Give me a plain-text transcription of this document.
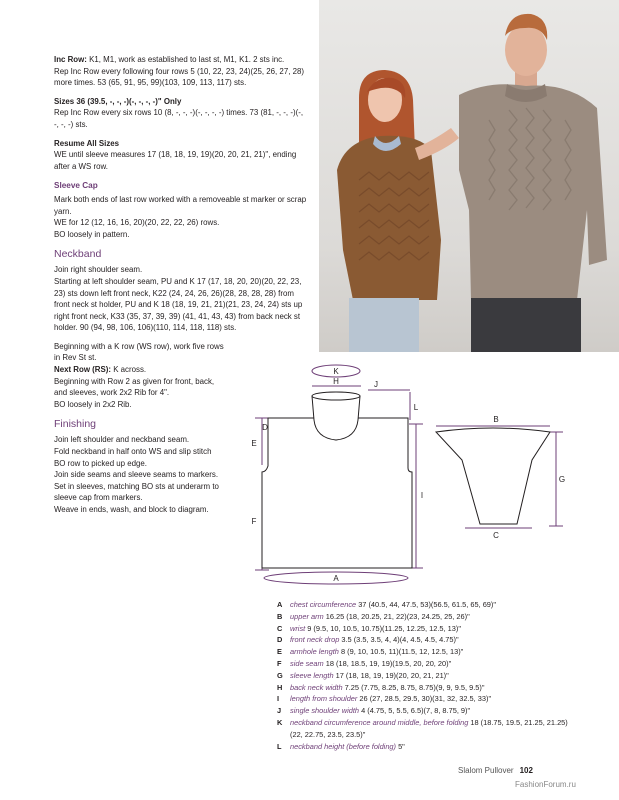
Inc Row: K1, M1, work as established to last st, M1, K1. 2 sts inc.
Rep Inc Row every following four rows 5 (10, 22, 23, 24)(25, 26, 27, 28) more times. 53 (65, 91, 95, 99)(103, 109, 113, 117) sts.

Sizes 36 (39.5, -, -, -)(-, -, -, -)" Only
Rep Inc Row every six rows 10 (8, -, -, -)(-, -, -, -) times. 73 (81, -, -, -)(-, -, -, -) sts.

Resume All Sizes
WE until sleeve measures 17 (18, 18, 19, 19)(20, 20, 21, 21)", ending after a WS row.

Sleeve Cap
Mark both ends of last row worked with a removeable st marker or scrap yarn.
WE for 12 (12, 16, 16, 20)(20, 22, 22, 26) rows.
BO loosely in pattern.
Neckband
Join right shoulder seam.

Starting at left shoulder seam, PU and K 17 (17, 18, 20, 20)(20, 22, 23, 23) sts down left front neck, K22 (24, 24, 26, 26)(28, 28, 28, 28) from front neck st holder, PU and K 18 (18, 19, 21, 21)(21, 23, 24, 24) sts up right front neck, K33 (35, 37, 39, 39) (41, 41, 43, 43) from back neck st holder. 90 (94, 98, 106, 106)(110, 114, 118, 118) sts.

Beginning with a K row (WS row), work five rows in Rev St st.
Next Row (RS): K across.
Beginning with Row 2 as given for front, back, and sleeves, work 2x2 Rib for 4".
BO loosely in 2x2 Rib.
Finishing
Join left shoulder and neckband seam.
Fold neckband in half onto WS and slip stitch BO row to picked up edge.
Join side seams and sleeve seams to markers.
Set in sleeves, matching BO sts at underarm to sleeve cap from markers.
Weave in ends, wash, and block to diagram.
K
H	J
L
D
E
F
I
A
B
C
G
A	chest circumference 37 (40.5, 44, 47.5, 53)(56.5, 61.5, 65, 69)"
B	upper arm 16.25 (18, 20.25, 21, 22)(23, 24.25, 25, 26)"
C	wrist 9 (9.5, 10, 10.5, 10.75)(11.25, 12.25, 12.5, 13)"
D	front neck drop 3.5 (3.5, 3.5, 4, 4)(4, 4.5, 4.5, 4.75)"
E	armhole length 8 (9, 10, 10.5, 11)(11.5, 12, 12.5, 13)"
F	side seam 18 (18, 18.5, 19, 19)(19.5, 20, 20, 20)"
G sleeve length 17 (18, 18, 19, 19)(20, 20, 21, 21)"
H	back neck width 7.25 (7.75, 8.25, 8.75, 8.75)(9, 9, 9.5, 9.5)"
I	length from shoulder 26 (27, 28.5, 29.5, 30)(31, 32, 32.5, 33)"
J	single shoulder width 4 (4.75, 5, 5.5, 6.5)(7, 8, 8.75, 9)"
K	neckband circumference around middle, before folding 18 (18.75, 19.5, 21.25, 21.25)(22, 22.75, 23.5, 23.5)"
L	neckband height (before folding) 5"
Slalom Pullover 102
FashionForum.ru
